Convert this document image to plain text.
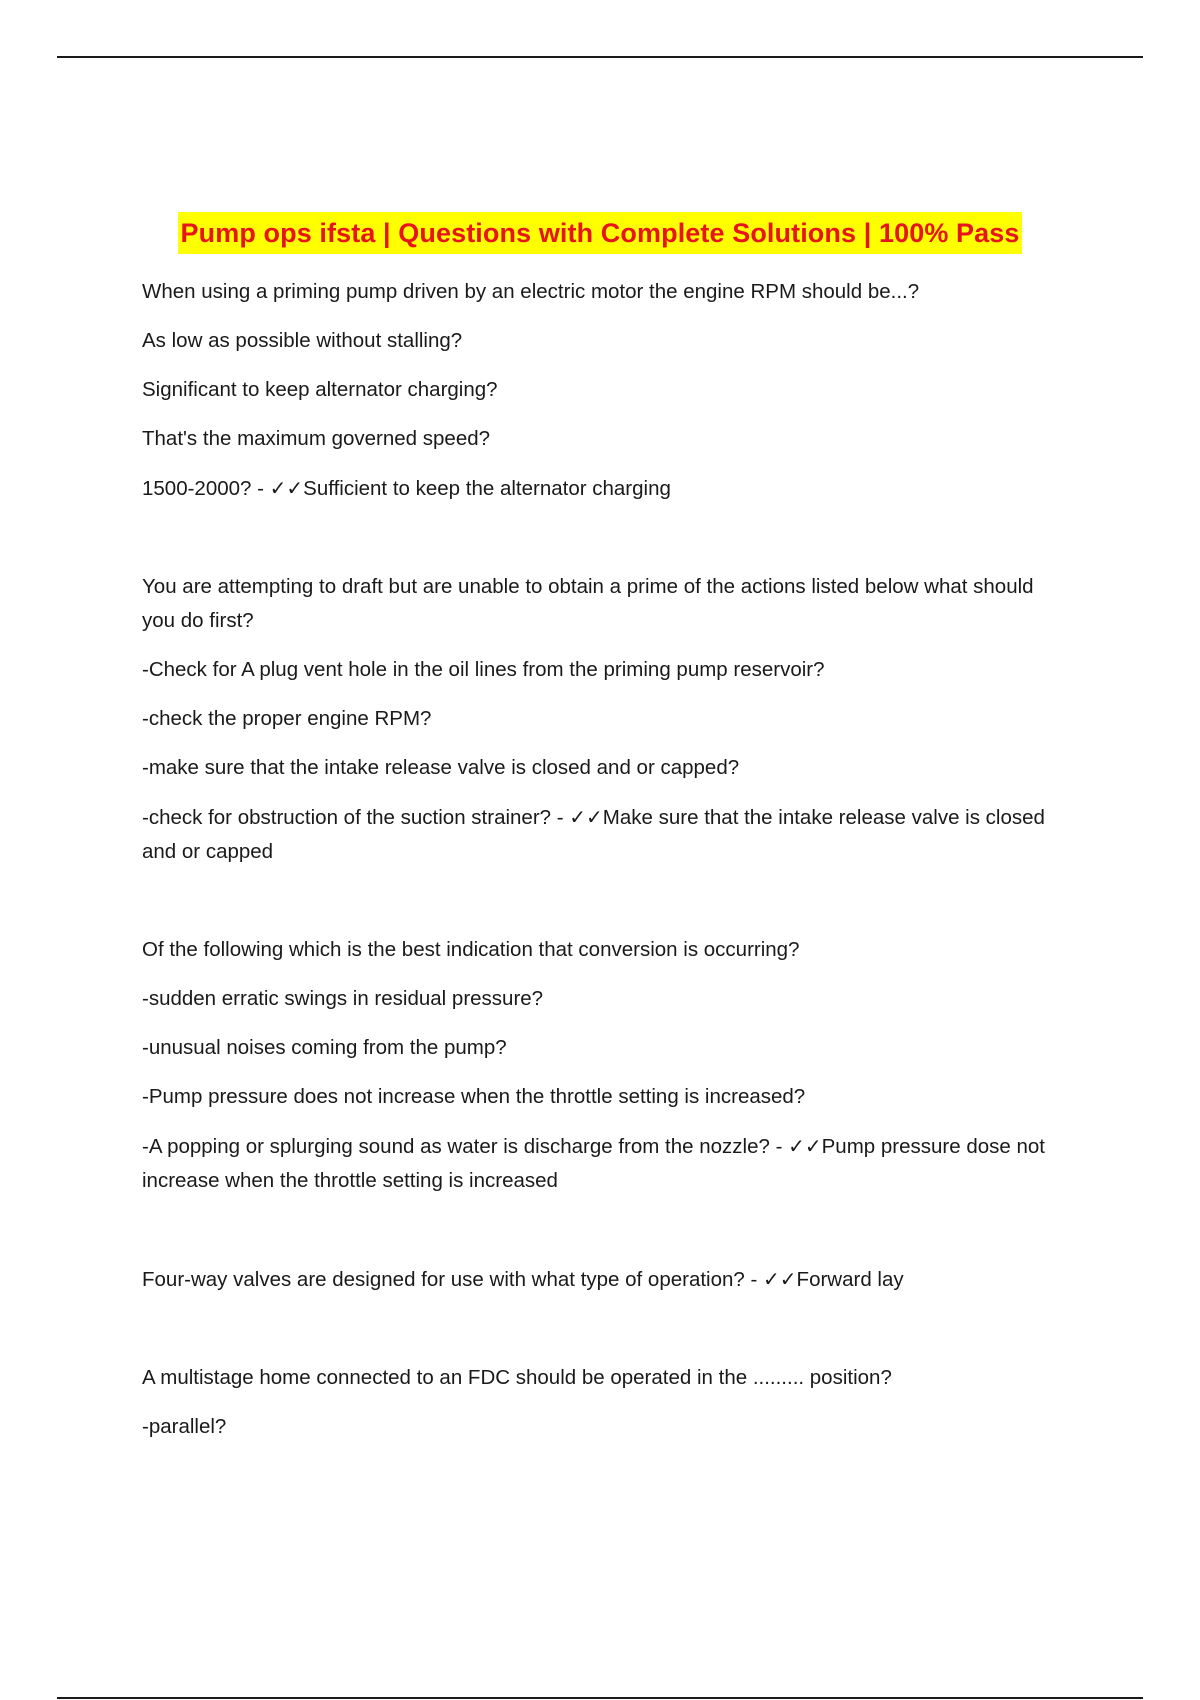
Pump ops ifsta | Questions with Complete Solutions | 100% Pass

When using a priming pump driven by an electric motor the engine RPM should be...?

As low as possible without stalling?

Significant to keep alternator charging?

That's the maximum governed speed?

1500-2000? - ✓✓Sufficient to keep the alternator charging

You are attempting to draft but are unable to obtain a prime of the actions listed below what should you do first?

-Check for A plug vent hole in the oil lines from the priming pump reservoir?

-check the proper engine RPM?

-make sure that the intake release valve is closed and or capped?

-check for obstruction of the suction strainer? - ✓✓Make sure that the intake release valve is closed and or capped

Of the following which is the best indication that conversion is occurring?

-sudden erratic swings in residual pressure?

-unusual noises coming from the pump?

-Pump pressure does not increase when the throttle setting is increased?

-A popping or splurging sound as water is discharge from the nozzle? - ✓✓Pump pressure dose not increase when the throttle setting is increased

Four-way valves are designed for use with what type of operation? - ✓✓Forward lay

A multistage home connected to an FDC should be operated in the ......... position?

-parallel?
